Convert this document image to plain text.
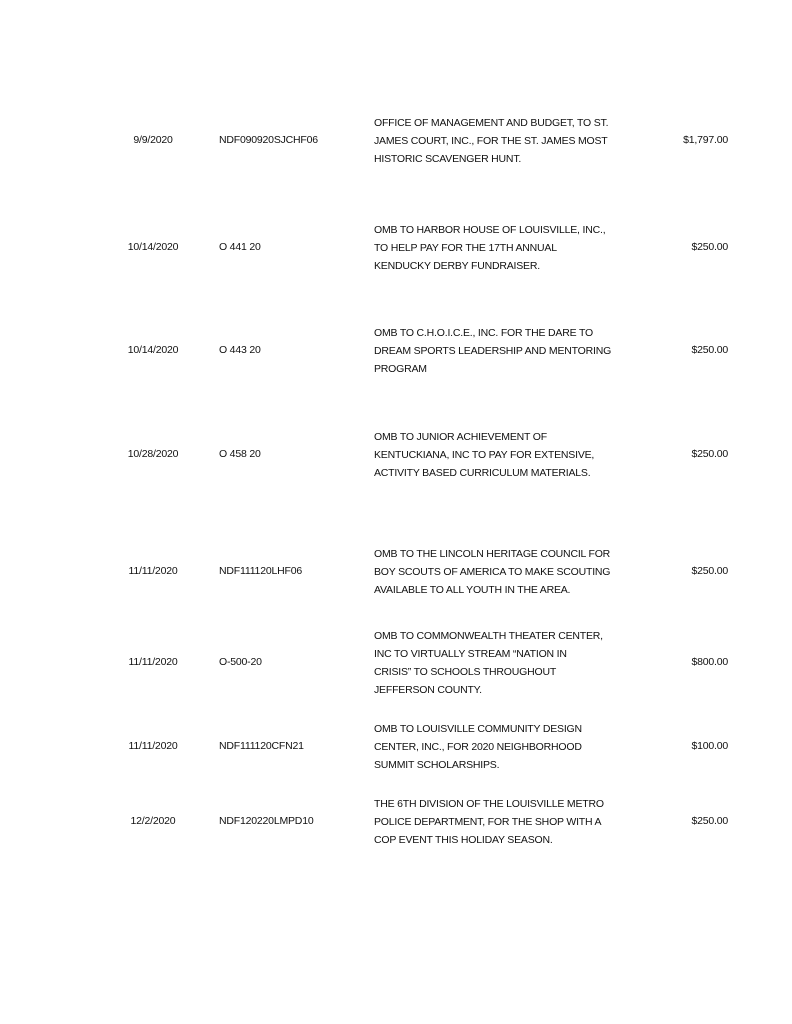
9/9/2020	NDF090920SJCHF06
OFFICE OF MANAGEMENT AND BUDGET, TO ST.
JAMES COURT, INC., FOR THE ST. JAMES MOST
HISTORIC SCAVENGER HUNT.
$1,797.00
10/14/2020	O 441 20
OMB TO HARBOR HOUSE OF LOUISVILLE, INC.,
TO HELP PAY FOR THE 17TH ANNUAL
KENDUCKY DERBY FUNDRAISER.
$250.00
10/14/2020	O 443 20
OMB TO C.H.O.I.C.E., INC. FOR THE DARE TO
DREAM SPORTS LEADERSHIP AND MENTORING
PROGRAM
$250.00
10/28/2020	O 458 20
OMB TO JUNIOR ACHIEVEMENT OF
KENTUCKIANA, INC TO PAY FOR EXTENSIVE,
ACTIVITY BASED CURRICULUM MATERIALS.
$250.00
11/11/2020	NDF111120LHF06
OMB TO THE LINCOLN HERITAGE COUNCIL FOR
BOY SCOUTS OF AMERICA TO MAKE SCOUTING
AVAILABLE TO ALL YOUTH IN THE AREA.
$250.00
11/11/2020	O-500-20
OMB TO COMMONWEALTH THEATER CENTER,
INC TO VIRTUALLY STREAM “NATION IN
CRISIS” TO SCHOOLS THROUGHOUT
JEFFERSON COUNTY.
$800.00
11/11/2020	NDF111120CFN21
OMB TO LOUISVILLE COMMUNITY DESIGN
CENTER, INC., FOR 2020 NEIGHBORHOOD
SUMMIT SCHOLARSHIPS.
$100.00
12/2/2020	NDF120220LMPD10
THE 6TH DIVISION OF THE LOUISVILLE METRO
POLICE DEPARTMENT, FOR THE SHOP WITH A
COP EVENT THIS HOLIDAY SEASON.
$250.00
